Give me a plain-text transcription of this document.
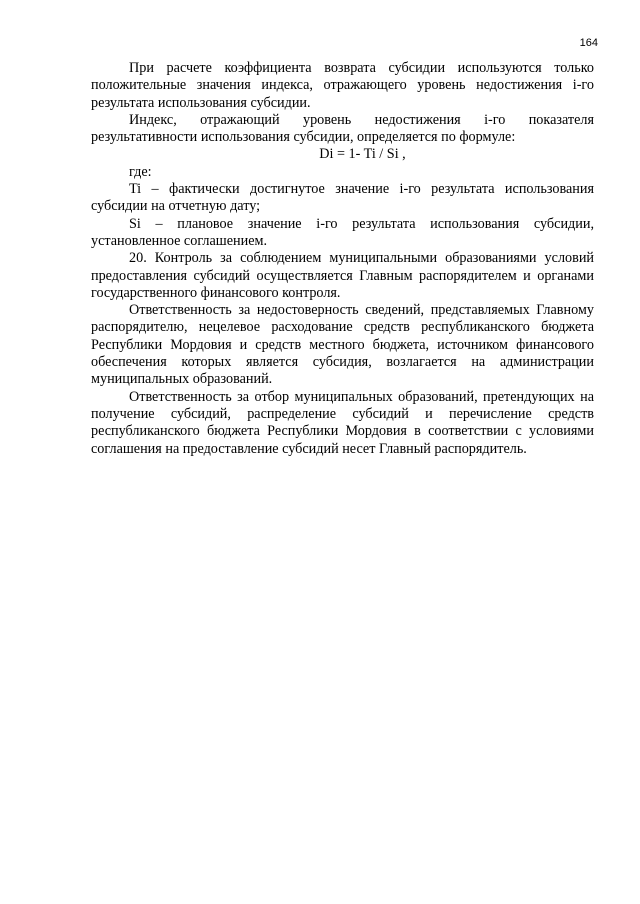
164

При расчете коэффициента возврата субсидии используются только положительные значения индекса, отражающего уровень недостижения i-го результата использования субсидии.

Индекс, отражающий уровень недостижения i-го показателя результативности использования субсидии, определяется по формуле:

Di = 1- Ti / Si ,

где:

Ti – фактически достигнутое значение i-го результата использования субсидии на отчетную дату;

Si – плановое значение i-го результата использования субсидии, установленное соглашением.

20. Контроль за соблюдением муниципальными образованиями условий предоставления субсидий осуществляется Главным распорядителем и органами государственного финансового контроля.

Ответственность за недостоверность сведений, представляемых Главному распорядителю, нецелевое расходование средств республиканского бюджета Республики Мордовия и средств местного бюджета, источником финансового обеспечения которых является субсидия, возлагается на администрации муниципальных образований.

Ответственность за отбор муниципальных образований, претендующих на получение субсидий, распределение субсидий и перечисление средств республиканского бюджета Республики Мордовия в соответствии с условиями соглашения на предоставление субсидий несет Главный распорядитель.
